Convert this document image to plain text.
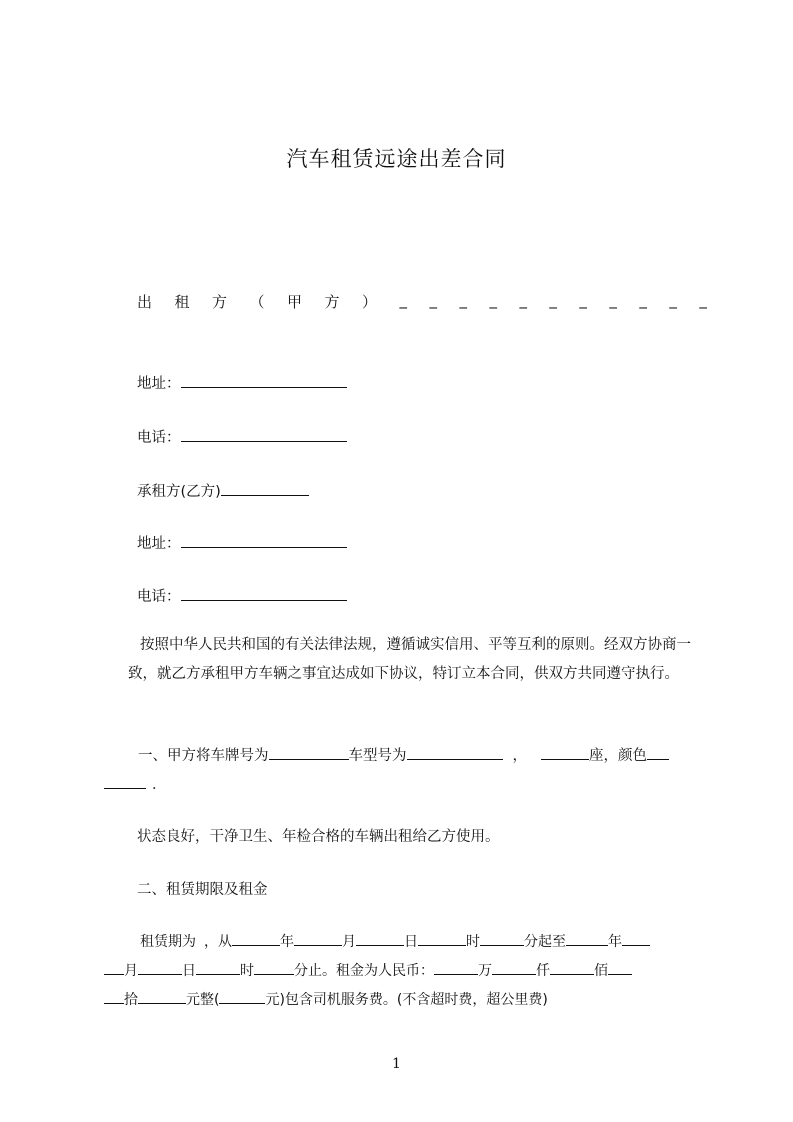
汽车租赁远途出差合同
出 租 方 （ 甲 方 ） _ _ _ _ _ _ _ _ _ _ _
地址：
电话：
承租方(乙方)
地址：
电话：
按照中华人民共和国的有关法律法规，遵循诚实信用、平等互利的原则。经双方协商一致，就乙方承租甲方车辆之事宜达成如下协议，特订立本合同，供双方共同遵守执行。
一、甲方将车牌号为	车型号为	，	座，颜色
．
状态良好，干净卫生、年检合格的车辆出租给乙方使用。
二、租赁期限及租金
租赁期为 ，从	年	月	日	时	分起至	年
月	日	时	分止。租金为人民币：	万	仟	佰
拾	元整(	元)包含司机服务费。(不含超时费，超公里费)
1
